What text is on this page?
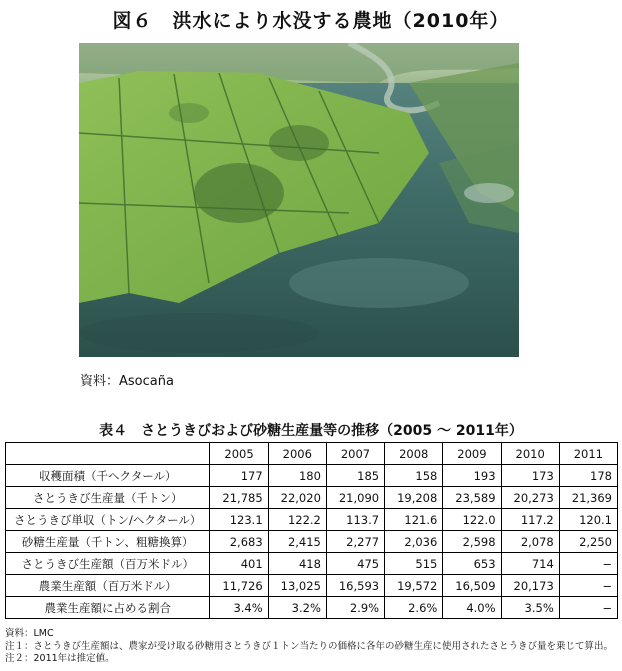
図６　洪水により水没する農地（2010年）
資料：Asocaña
表４　さとうきびおよび砂糖生産量等の推移（2005 ～ 2011年）
	2005	2006	2007	2008	2009	2010	2011
収穫面積（千ヘクタール）	177	180	185	158	193	173	178
さとうきび生産量（千トン）	21,785	22,020	21,090	19,208	23,589	20,273	21,369
さとうきび単収（トン/ヘクタール）	123.1	122.2	113.7	121.6	122.0	117.2	120.1
砂糖生産量（千トン、粗糖換算）	2,683	2,415	2,277	2,036	2,598	2,078	2,250
さとうきび生産額（百万米ドル）	401	418	475	515	653	714	−
農業生産額（百万米ドル）	11,726	13,025	16,593	19,572	16,509	20,173	−
農業生産額に占める割合	3.4%	3.2%	2.9%	2.6%	4.0%	3.5%	−
資料：LMC
注１：さとうきび生産額は、農家が受け取る砂糖用さとうきび１トン当たりの価格に各年の砂糖生産に使用されたさとうきび量を乗じて算出。
注２：2011年は推定値。
